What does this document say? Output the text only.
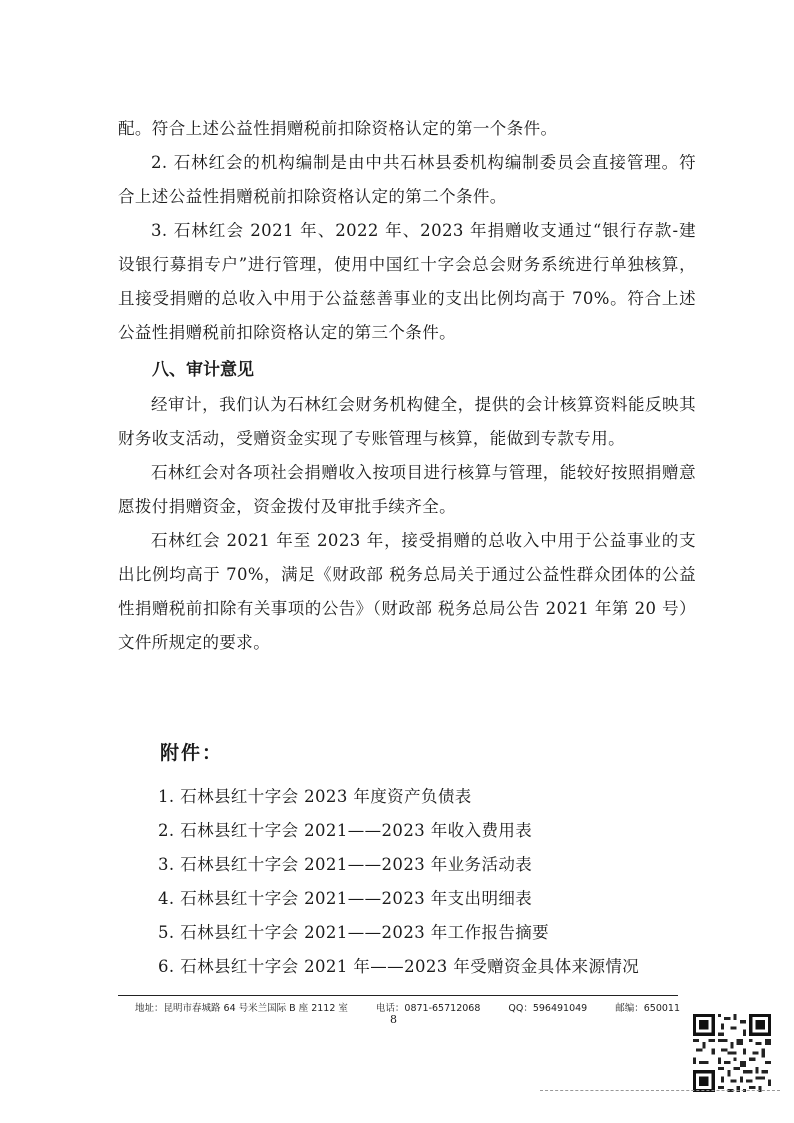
配。符合上述公益性捐赠税前扣除资格认定的第一个条件。

2. 石林红会的机构编制是由中共石林县委机构编制委员会直接管理。符合上述公益性捐赠税前扣除资格认定的第二个条件。

3. 石林红会 2021 年、2022 年、2023 年捐赠收支通过“银行存款-建设银行募捐专户”进行管理，使用中国红十字会总会财务系统进行单独核算，且接受捐赠的总收入中用于公益慈善事业的支出比例均高于 70%。符合上述公益性捐赠税前扣除资格认定的第三个条件。

八、审计意见

经审计，我们认为石林红会财务机构健全，提供的会计核算资料能反映其财务收支活动，受赠资金实现了专账管理与核算，能做到专款专用。

石林红会对各项社会捐赠收入按项目进行核算与管理，能较好按照捐赠意愿拨付捐赠资金，资金拨付及审批手续齐全。

石林红会 2021 年至 2023 年，接受捐赠的总收入中用于公益事业的支出比例均高于 70%，满足《财政部 税务总局关于通过公益性群众团体的公益性捐赠税前扣除有关事项的公告》（财政部 税务总局公告 2021 年第 20 号）文件所规定的要求。

附件：

1. 石林县红十字会 2023 年度资产负债表
2. 石林县红十字会 2021——2023 年收入费用表
3. 石林县红十字会 2021——2023 年业务活动表
4. 石林县红十字会 2021——2023 年支出明细表
5. 石林县红十字会 2021——2023 年工作报告摘要
6. 石林县红十字会 2021 年——2023 年受赠资金具体来源情况
地址：昆明市春城路 64 号米兰国际 B 座 2112 室	电话：0871-65712068	QQ：596491049	邮编：650011
8
